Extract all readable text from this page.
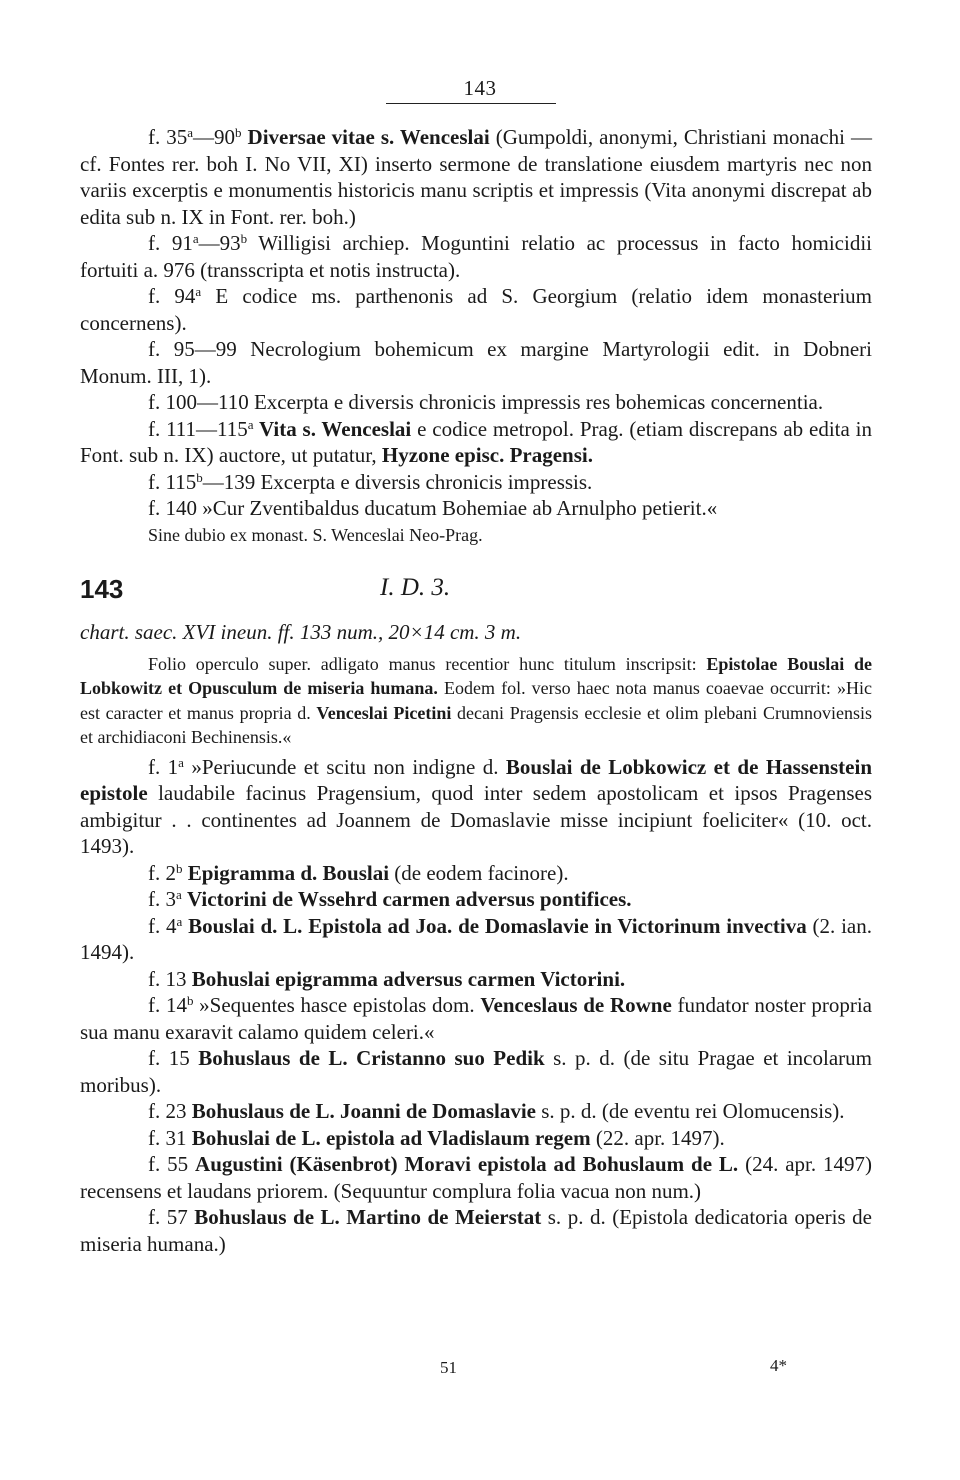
143

f. 35$^a$—90$^b$ Diversae vitae s. Wenceslai (Gumpoldi, anonymi, Christiani monachi — cf. Fontes rer. boh I. No VII, XI) inserto sermone de translatione eiusdem martyris nec non variis excerptis e monumentis historicis manu scriptis et impressis (Vita anonymi discrepat ab edita sub n. IX in Font. rer. boh.)

f. 91$^a$—93$^b$ Willigisi archiep. Moguntini relatio ac processus in facto homicidii fortuiti a. 976 (transscripta et notis instructa).

f. 94$^a$ E codice ms. parthenonis ad S. Georgium (relatio idem monasterium concernens).

f. 95—99 Necrologium bohemicum ex margine Martyrologii edit. in Dobneri Monum. III, 1).

f. 100—110 Excerpta e diversis chronicis impressis res bohemicas concernentia.

f. 111—115$^a$ Vita s. Wenceslai e codice metropol. Prag. (etiam discrepans ab edita in Font. sub n. IX) auctore, ut putatur, Hyzone episc. Pragensi.

f. 115$^b$—139 Excerpta e diversis chronicis impressis.

f. 140 »Cur Zventibaldus ducatum Bohemiae ab Arnulpho petierit.«

Sine dubio ex monast. S. Wenceslai Neo-Prag.

143	I. D. 3.

chart. saec. XVI ineun. ff. 133 num., 20×14 cm. 3 m.

Folio operculo super. adligato manus recentior hunc titulum inscripsit: Epistolae Bouslai de Lobkowitz et Opusculum de miseria humana. Eodem fol. verso haec nota manus coaevae occurrit: »Hic est caracter et manus propria d. Venceslai Picetini decani Pragensis ecclesie et olim plebani Crumnoviensis et archidiaconi Bechinensis.«

f. 1$^a$ »Periucunde et scitu non indigne d. Bouslai de Lobkowicz et de Hassenstein epistole laudabile facinus Pragensium, quod inter sedem apostolicam et ipsos Pragenses ambigitur . . continentes ad Joannem de Domaslavie misse incipiunt foeliciter« (10. oct. 1493).

f. 2$^b$ Epigramma d. Bouslai (de eodem facinore).

f. 3$^a$ Victorini de Wssehrd carmen adversus pontifices.

f. 4$^a$ Bouslai d. L. Epistola ad Joa. de Domaslavie in Victorinum invectiva (2. ian. 1494).

f. 13 Bohuslai epigramma adversus carmen Victorini.

f. 14$^b$ »Sequentes hasce epistolas dom. Venceslaus de Rowne fundator noster propria sua manu exaravit calamo quidem celeri.«

f. 15 Bohuslaus de L. Cristanno suo Pedik s. p. d. (de situ Pragae et incolarum moribus).

f. 23 Bohuslaus de L. Joanni de Domaslavie s. p. d. (de eventu rei Olomucensis).

f. 31 Bohuslai de L. epistola ad Vladislaum regem (22. apr. 1497).

f. 55 Augustini (Käsenbrot) Moravi epistola ad Bohuslaum de L. (24. apr. 1497) recensens et laudans priorem. (Sequuntur complura folia vacua non num.)

f. 57 Bohuslaus de L. Martino de Meierstat s. p. d. (Epistola dedicatoria operis de miseria humana.)

51	4*
